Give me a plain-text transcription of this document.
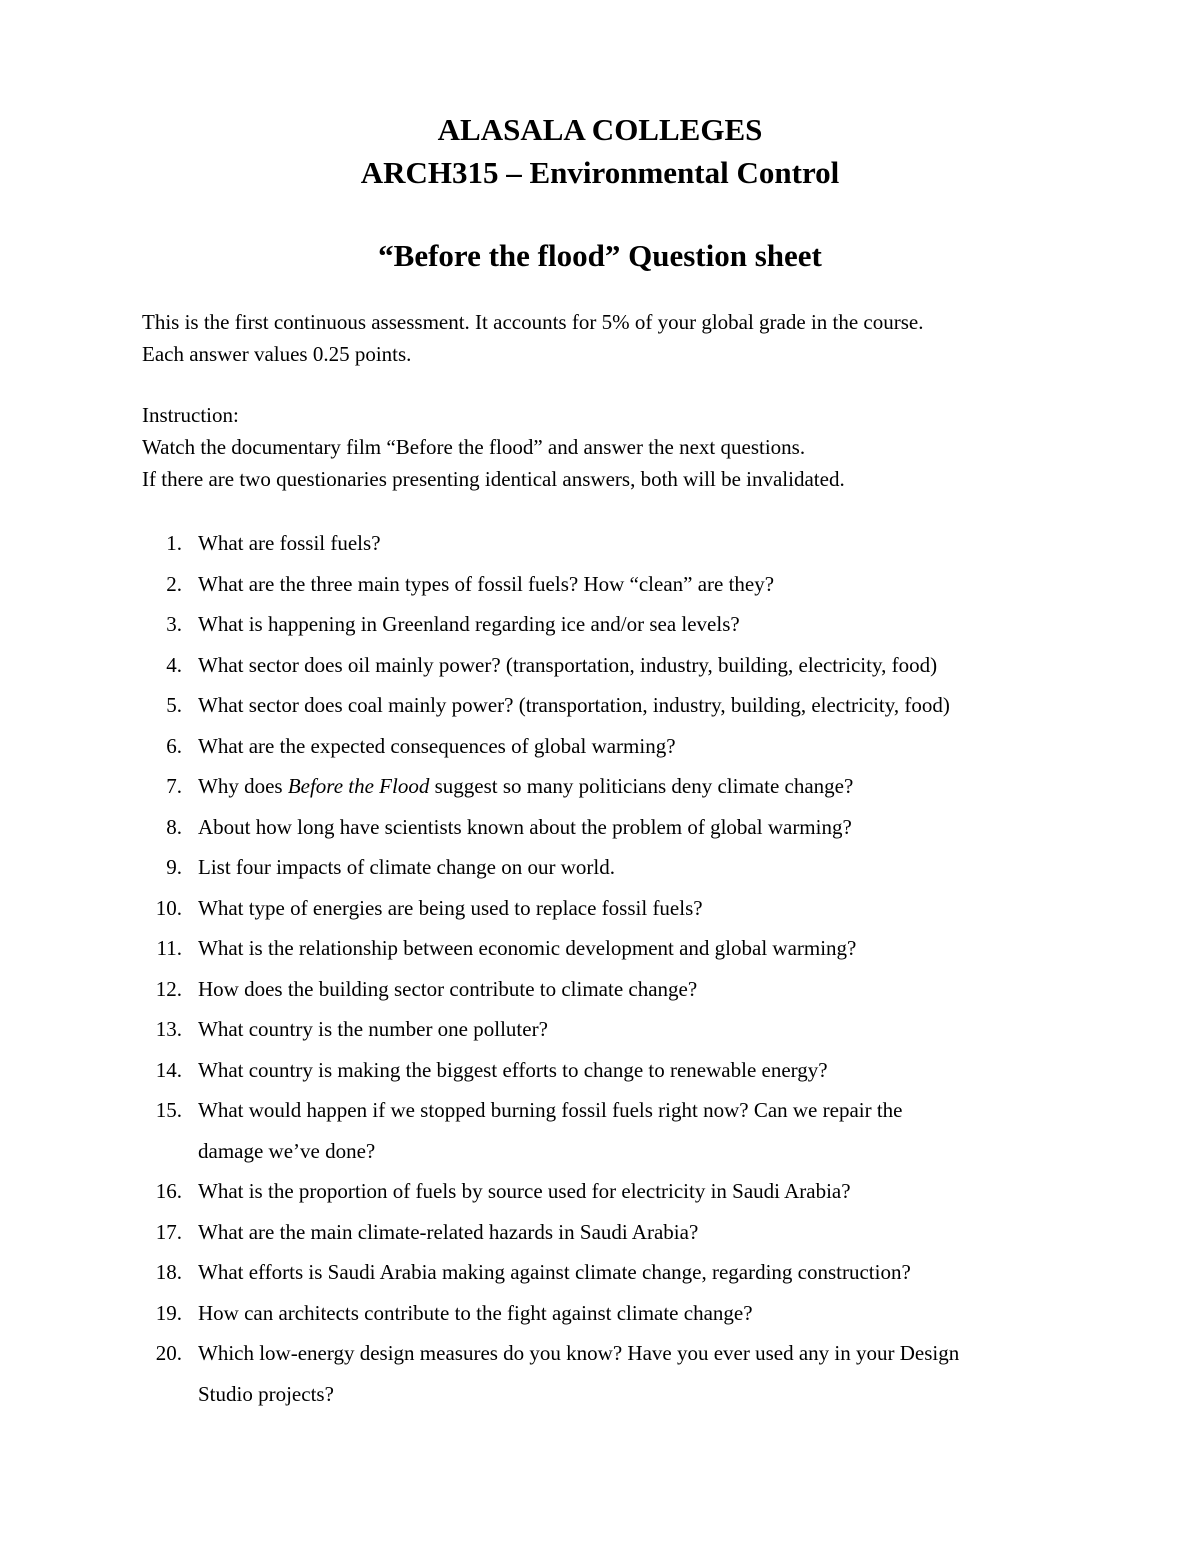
ALASALA COLLEGES
ARCH315 – Environmental Control
“Before the flood” Question sheet
This is the first continuous assessment. It accounts for 5% of your global grade in the course.
Each answer values 0.25 points.
Instruction:
Watch the documentary film “Before the flood” and answer the next questions.
If there are two questionaries presenting identical answers, both will be invalidated.
1. What are fossil fuels?
2. What are the three main types of fossil fuels? How “clean” are they?
3. What is happening in Greenland regarding ice and/or sea levels?
4. What sector does oil mainly power? (transportation, industry, building, electricity, food)
5. What sector does coal mainly power? (transportation, industry, building, electricity, food)
6. What are the expected consequences of global warming?
7. Why does Before the Flood suggest so many politicians deny climate change?
8. About how long have scientists known about the problem of global warming?
9. List four impacts of climate change on our world.
10. What type of energies are being used to replace fossil fuels?
11. What is the relationship between economic development and global warming?
12. How does the building sector contribute to climate change?
13. What country is the number one polluter?
14. What country is making the biggest efforts to change to renewable energy?
15. What would happen if we stopped burning fossil fuels right now? Can we repair the
damage we’ve done?
16. What is the proportion of fuels by source used for electricity in Saudi Arabia?
17. What are the main climate-related hazards in Saudi Arabia?
18. What efforts is Saudi Arabia making against climate change, regarding construction?
19. How can architects contribute to the fight against climate change?
20. Which low-energy design measures do you know? Have you ever used any in your Design
Studio projects?
